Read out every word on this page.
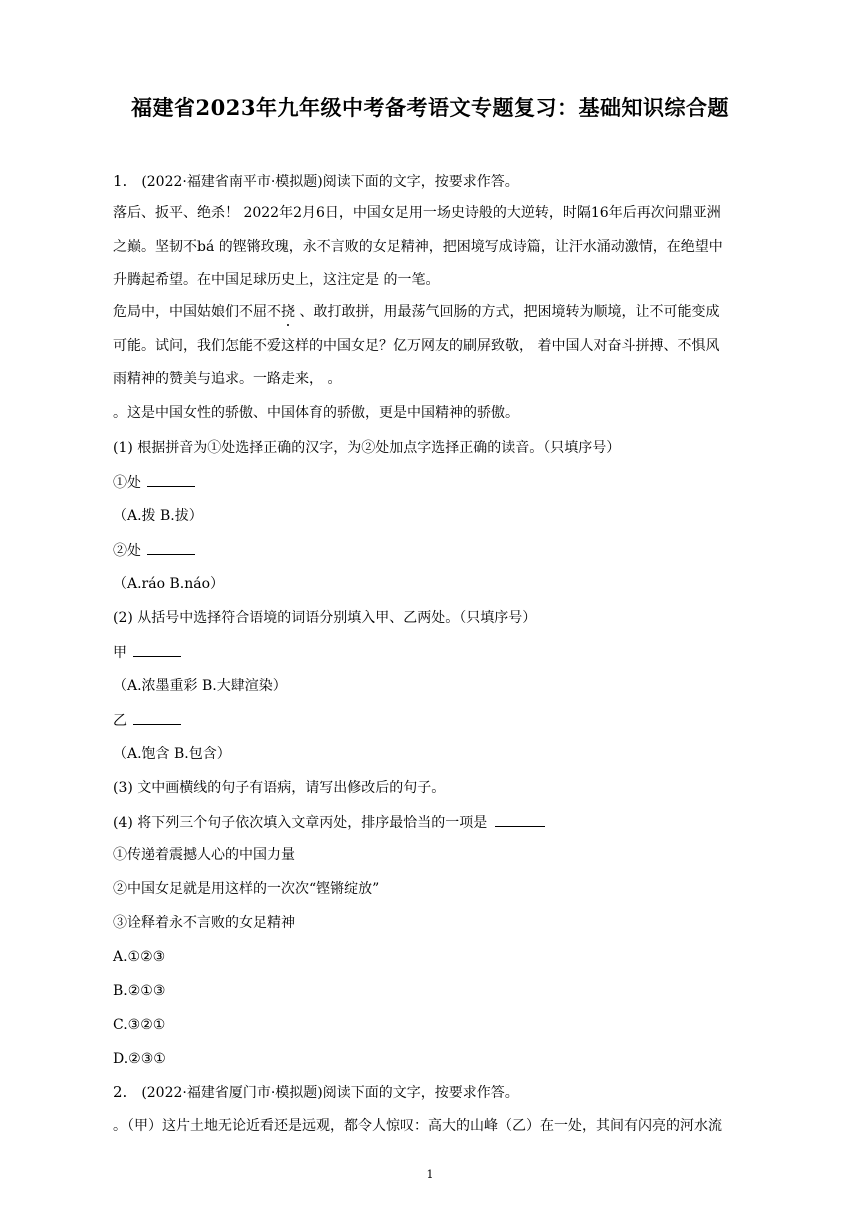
福建省2023年九年级中考备考语文专题复习：基础知识综合题
1. (2022·福建省南平市·模拟题)阅读下面的文字，按要求作答。
落后、扳平、绝杀！ 2022年2月6日，中国女足用一场史诗般的大逆转，时隔16年后再次问鼎亚洲
之巅。坚韧不bá 的铿锵玫瑰，永不言败的女足精神，把困境写成诗篇，让汗水涌动激情，在绝望中
升腾起希望。在中国足球历史上，这注定是 的一笔。
危局中，中国姑娘们不屈不挠 、敢打敢拼，用最荡气回肠的方式，把困境转为顺境，让不可能变成
可能。试问，我们怎能不爱这样的中国女足？亿万网友的刷屏致敬， 着中国人对奋斗拼搏、不惧风
雨精神的赞美与追求。一路走来， 。
。这是中国女性的骄傲、中国体育的骄傲，更是中国精神的骄傲。
(1) 根据拼音为①处选择正确的汉字，为②处加点字选择正确的读音。（只填序号）
①处
（A.拨 B.拔）
②处
（A.ráo B.náo）
(2) 从括号中选择符合语境的词语分别填入甲、乙两处。（只填序号）
甲
（A.浓墨重彩 B.大肆渲染）
乙
（A.饱含 B.包含）
(3) 文中画横线的句子有语病，请写出修改后的句子。
(4) 将下列三个句子依次填入文章丙处，排序最恰当的一项是
①传递着震撼人心的中国力量
②中国女足就是用这样的一次次“铿锵绽放”
③诠释着永不言败的女足精神
A.①②③
B.②①③
C.③②①
D.②③①
2. (2022·福建省厦门市·模拟题)阅读下面的文字，按要求作答。
。（甲）这片土地无论近看还是远观，都令人惊叹：高大的山峰（乙）在一处，其间有闪亮的河水流
1
